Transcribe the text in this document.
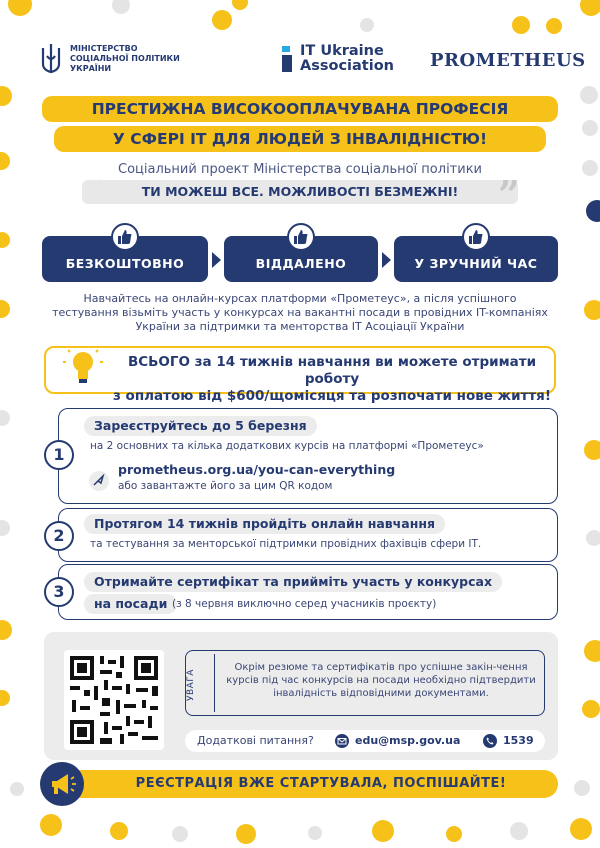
МІНІСТЕРСТВО СОЦІАЛЬНОЇ ПОЛІТИКИ УКРАЇНИ
IT Ukraine
Association PROMETHEUS
ПРЕСТИЖНА ВИСОКООПЛАЧУВАНА ПРОФЕСІЯ
У СФЕРІ ІТ ДЛЯ ЛЮДЕЙ З ІНВАЛІДНІСТЮ!
Соціальний проект Міністерства соціальної політики
ТИ МОЖЕШ ВСЕ. МОЖЛИВОСТІ БЕЗМЕЖНІ!	”
БЕЗКОШТОВНО	ВІДДАЛЕНО	У ЗРУЧНИЙ ЧАС
Навчайтесь на онлайн-курсах платформи «Прометеус», а після успішного тестування візьміть участь у конкурсах на вакантні посади в провідних IT-компаніях України за підтримки та менторства IT Асоціації України
ВСЬОГО за 14 тижнів навчання ви можете отримати роботу
з оплатою від $600/щомісяця та розпочати нове життя!
1
Зареєструйтесь до 5 березня
на 2 основних та кілька додаткових курсів на платформі «Прометеус»
prometheus.org.ua/you-can-everything
або завантажте його за цим QR кодом
2
Протягом 14 тижнів пройдіть онлайн навчання
та тестування за менторської підтримки провідних фахівців сфери ІТ.
3
Отримайте сертифікат та прийміть участь у конкурсах
на посади (з 8 червня виключно серед учасників проєкту)
УВАГА
Окрім резюме та сертифікатів про успішне закін-чення курсів під час конкурсів на посади необхідно підтвердити інвалідність відповідними документами.
Додаткові питання?	edu@msp.gov.ua	1539
РЕЄСТРАЦІЯ ВЖЕ СТАРТУВАЛА, ПОСПІШАЙТЕ!
